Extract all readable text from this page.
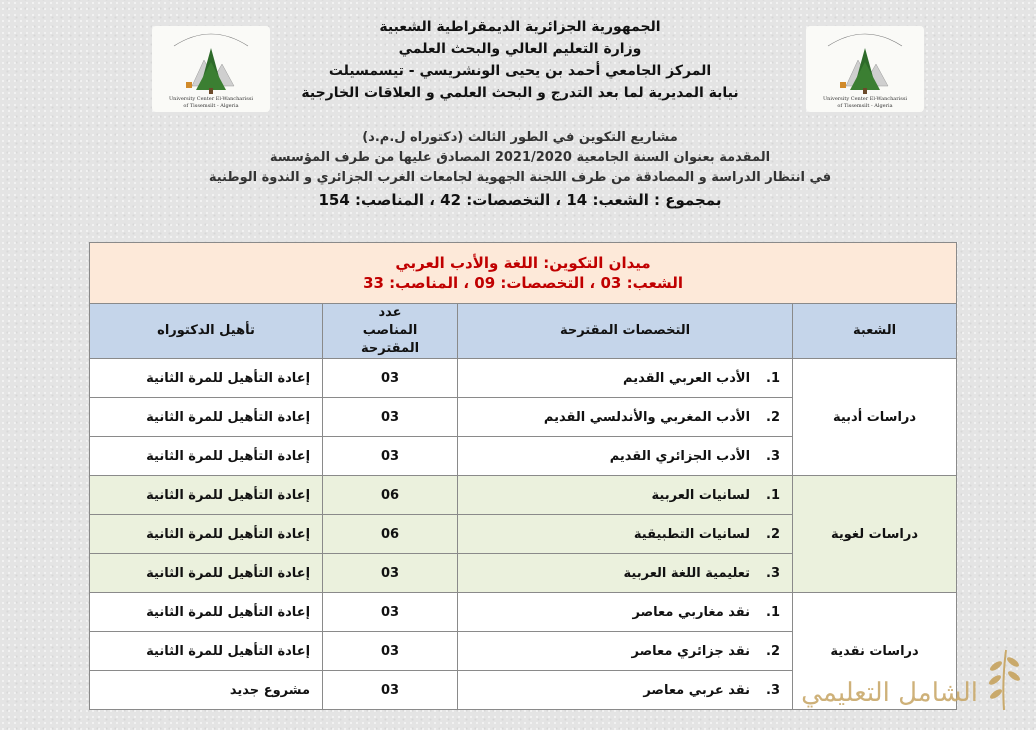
University Center El-Wancharissi
of Tissemsilt - Algeria
University Center El-Wancharissi
of Tissemsilt - Algeria
الجمهورية الجزائرية الديمقراطية الشعبية
وزارة التعليم العالي والبحث العلمي
المركز الجامعي أحمد بن يحيى الونشريسي - تيسمسيلت
نيابة المديرية لما بعد التدرج و البحث العلمي و العلاقات الخارجية
مشاريع التكوين في الطور الثالث (دكتوراه ل.م.د)
المقدمة بعنوان السنة الجامعية 2021/2020 المصادق عليها من طرف المؤسسة
في انتظار الدراسة و المصادقة من طرف اللجنة الجهوية لجامعات الغرب الجزائري و الندوة الوطنية
بمجموع : الشعب: 14 ، التخصصات: 42 ، المناصب: 154
ميدان التكوين: اللغة والأدب العربي
الشعب: 03 ، التخصصات: 09 ، المناصب: 33			

الشعبة	التخصصات المقترحة	عدد المناصب المقترحة	تأهيل الدكتوراه
دراسات أدبية	1.الأدب العربي القديم	03	إعادة التأهيل للمرة الثانية
	2.الأدب المغربي والأندلسي القديم	03	إعادة التأهيل للمرة الثانية
	3.الأدب الجزائري القديم	03	إعادة التأهيل للمرة الثانية
دراسات لغوية	1.لسانيات العربية	06	إعادة التأهيل للمرة الثانية
	2.لسانيات التطبيقية	06	إعادة التأهيل للمرة الثانية
	3.تعليمية اللغة العربية	03	إعادة التأهيل للمرة الثانية
دراسات نقدية	1.نقد مغاربي معاصر	03	إعادة التأهيل للمرة الثانية
	2.نقد جزائري معاصر	03	إعادة التأهيل للمرة الثانية
	3.نقد عربي معاصر	03	مشروع جديد	الشامل التعليمي
